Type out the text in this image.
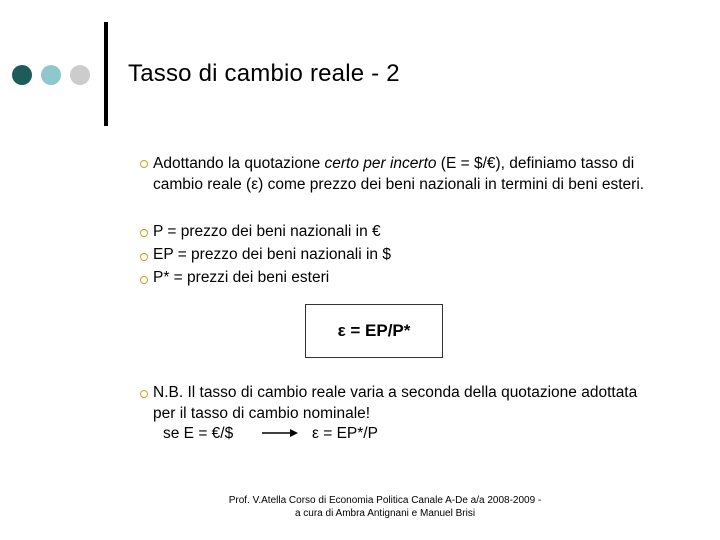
Tasso di cambio reale - 2
Adottando la quotazione certo per incerto (E = $/€), definiamo tasso di
cambio reale (ε) come prezzo dei beni nazionali in termini di beni esteri.
P = prezzo dei beni nazionali in €
EP = prezzo dei beni nazionali in $
P* = prezzi dei beni esteri
ε = EP/P*
N.B. Il tasso di cambio reale varia a seconda della quotazione adottata
per il tasso di cambio nominale!
se E = €/$	ε = EP*/P
Prof. V.Atella Corso di Economia Politica Canale A-De a/a 2008-2009 -
a cura di Ambra Antignani e Manuel Brisi
